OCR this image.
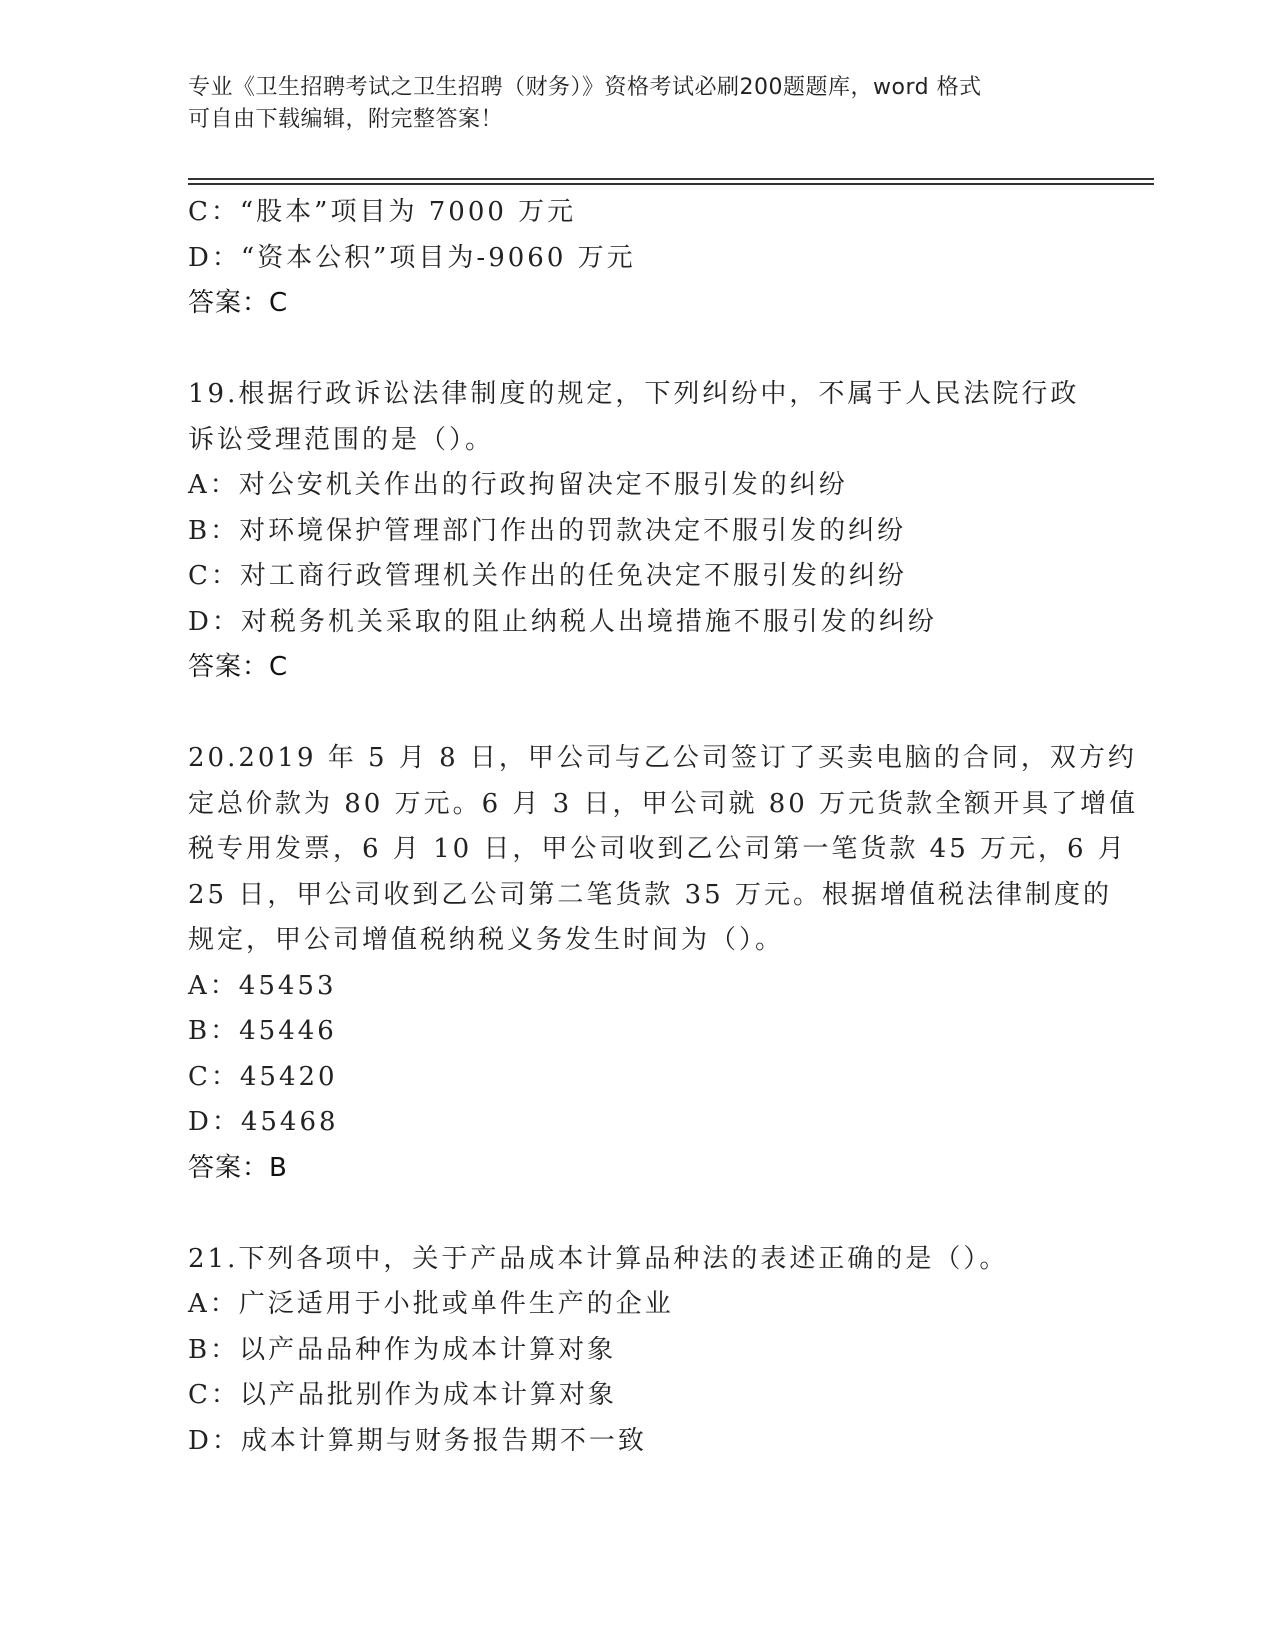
专业《卫生招聘考试之卫生招聘（财务）》资格考试必刷200题题库，word 格式
可自由下载编辑，附完整答案！
C：“股本”项目为 7000 万元
D：“资本公积”项目为-9060 万元
答案：C
19.根据行政诉讼法律制度的规定，下列纠纷中，不属于人民法院行政
诉讼受理范围的是（）。
A：对公安机关作出的行政拘留决定不服引发的纠纷
B：对环境保护管理部门作出的罚款决定不服引发的纠纷
C：对工商行政管理机关作出的任免决定不服引发的纠纷
D：对税务机关采取的阻止纳税人出境措施不服引发的纠纷
答案：C
20.2019 年 5 月 8 日，甲公司与乙公司签订了买卖电脑的合同，双方约
定总价款为 80 万元。6 月 3 日，甲公司就 80 万元货款全额开具了增值
税专用发票，6 月 10 日，甲公司收到乙公司第一笔货款 45 万元，6 月
25 日，甲公司收到乙公司第二笔货款 35 万元。根据增值税法律制度的
规定，甲公司增值税纳税义务发生时间为（）。
A：45453
B：45446
C：45420
D：45468
答案：B
21.下列各项中，关于产品成本计算品种法的表述正确的是（）。
A：广泛适用于小批或单件生产的企业
B：以产品品种作为成本计算对象
C：以产品批别作为成本计算对象
D：成本计算期与财务报告期不一致
